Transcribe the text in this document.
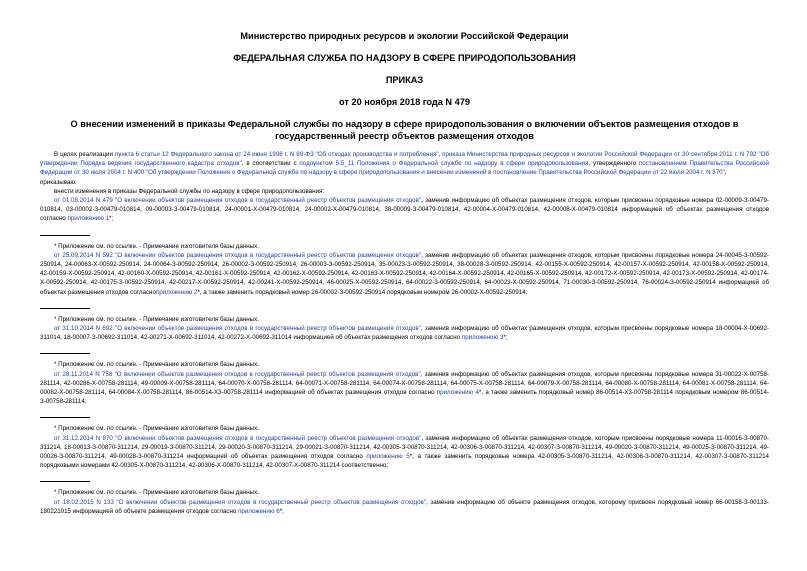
Министерство природных ресурсов и экологии Российской Федерации
ФЕДЕРАЛЬНАЯ СЛУЖБА ПО НАДЗОРУ В СФЕРЕ ПРИРОДОПОЛЬЗОВАНИЯ
ПРИКАЗ
от 20 ноября 2018 года N 479
О внесении изменений в приказы Федеральной службы по надзору в сфере природопользования о включении объектов размещения отходов в государственный реестр объектов размещения отходов

В целях реализации пункта 6 статьи 12 Федерального закона от 24 июня 1998 г. N 89-ФЗ "Об отходах производства и потребления", приказа Министерства природных ресурсов и экологии Российской Федерации от 30 сентября 2011 г. N 792 "Об утверждении Порядка ведения государственного кадастра отходов", в соответствии с подпунктом 5.5_11 Положения о Федеральной службе по надзору в сфере природопользования, утвержденного постановлением Правительства Российской Федерации от 30 июля 2004 г. N 400 "Об утверждении Положения о Федеральной службе по надзору в сфере природопользования и внесении изменений в постановление Правительства Российской Федерации от 22 июля 2004 г. N 370",

приказываю:

внести изменения в приказы Федеральной службы по надзору в сфере природопользования:

от 01.08.2014 N 479 "О включении объектов размещения отходов в государственный реестр объектов размещения отходов", заменив информацию об объектах размещения отходов, которым присвоены порядковые номера 02-00009-З-00479-010814, 03-00002-З-00479-010814, 09-00003-З-00479-010814, 24-00001-Х-00479-010814, 24-00002-Х-00479-010814, 38-00009-З-00479-010814, 42-00004-Х-00479-010814, 42-00008-Х-00479-010814 информацией об объектах размещения отходов согласно приложению 1*;

* Приложение см. по ссылке. - Примечание изготовителя базы данных.

от 25.09.2014 N 592 "О включении объектов размещения отходов в государственный реестр объектов размещения отходов", заменив информацию об объектах размещения отходов, которым присвоены порядковые номера 24-00045-З-00592-250914, 24-00063-Х-00592-250914, 24-00064-З-00592-250914, 26-00002-З-00592-250914, 26-00003-З-00592-250914, 35-00023-З-00592-250914, 38-00028-З-00592-250914, 42-00155-Х-00592-250914, 42-00157-Х-00592-250914, 42-00158-Х-00592-250914, 42-00159-Х-00592-250914, 42-00160-Х-00592-250914, 42-00161-Х-00592-250914, 42-00162-Х-00592-250914, 42-00163-Х-00592-250914, 42-00164-Х-00592-250914, 42-00165-Х-00592-250914, 42-00172-Х-00592-250914, 42-00173-Х-00592-250914, 42-00174-Х-00592-250914, 42-00175-З-00592-250914, 42-00217-Х-00592-250914, 42-00241-Х-00592-250914, 46-00025-Х-00592-250914, 64-00022-З-00592-250914, 64-00023-Х-00592-250914, 71-00030-З-00592-250914, 76-00024-З-00592-250914 информацией об объектах размещения отходов согласноприложению 2*, а также заменить порядковый номер 26-00002-З-00592-250914 порядковым номером 26-00002-Х-00592-250914;

* Приложение см. по ссылке. - Примечание изготовителя базы данных.

от 31.10.2014 N 692 "О включении объектов размещения отходов в государственный реестр объектов размещения отходов", заменив информацию об объектах размещения отходов, которым присвоены порядковые номера 18-00004-Х-00692-311014, 18-00007-З-00692-311014, 42-00271-Х-00692-311014, 42-00272-Х-00692-311014 информацией об объектах размещения отходов согласно приложению 3*;

* Приложение см. по ссылке. - Примечание изготовителя базы данных.

от 28.11.2014 N 758 "О включении объектов размещения отходов в государственный реестр объектов размещения отходов", заменив информацию об объектах размещения отходов, которым присвоены порядковые номера 31-00022-Х-00758-281114, 42-00286-Х-00758-281114, 49-00009-Х-00758-281114, 64-00070-Х-00758-281114, 64-00071-Х-00758-281114, 64-00074-Х-00758-281114, 64-00075-Х-00758-281114, 64-00079-Х-00758-281114, 64-00080-Х-00758-281114, 64-00081-Х-00758-281114, 64-00082-Х-00758-281114, 64-00084-Х-00758-281114, 86-00514-Х3-00758-281114 информацией об объектах размещения отходов согласно приложению 4*, а также заменить порядковый номер 86-00514-Х3-00758-281114 порядковым номером 86-00514-З-00758-281114;

* Приложение см. по ссылке. - Примечание изготовителя базы данных.

от 31.12.2014 N 870 "О включении объектов размещения отходов в государственный реестр объектов размещения отходов", заменив информацию об объектах размещения отходов, которым присвоены порядковые номера 11-00016-З-00870-311214, 18-00013-З-00870-311214, 29-00019-З-00870-311214, 29-00020-З-00870-311214, 29-00021-З-00870-311214, 42-00305-З-00870-311214, 42-00306-З-00870-311214, 42-00307-З-00870-311214, 49-00020-З-00870-311214, 49-00025-З-00870-311214, 49-00026-З-00870-311214, 49-00028-З-00870-311214 информацией об объектах размещения отходов согласно приложению 5*, а также заменить порядковые номера 42-00305-З-00870-311214, 42-00306-З-00870-311214, 42-00307-З-00870-311214 порядковыми номерами 42-00305-Х-00870-311214, 42-00306-Х-00870-311214, 42-00307-Х-00870-311214 соответственно;

* Приложение см. по ссылке. - Примечание изготовителя базы данных.

от 18.02.2015 N 133 "О включении объектов размещения отходов в государственный реестр объектов размещения отходов", заменив информацию об объекте размещения отходов, которому присвоен порядковый номер 66-00158-З-00133-180221015 информацией об объекте размещения отходов согласно приложению 6*;
